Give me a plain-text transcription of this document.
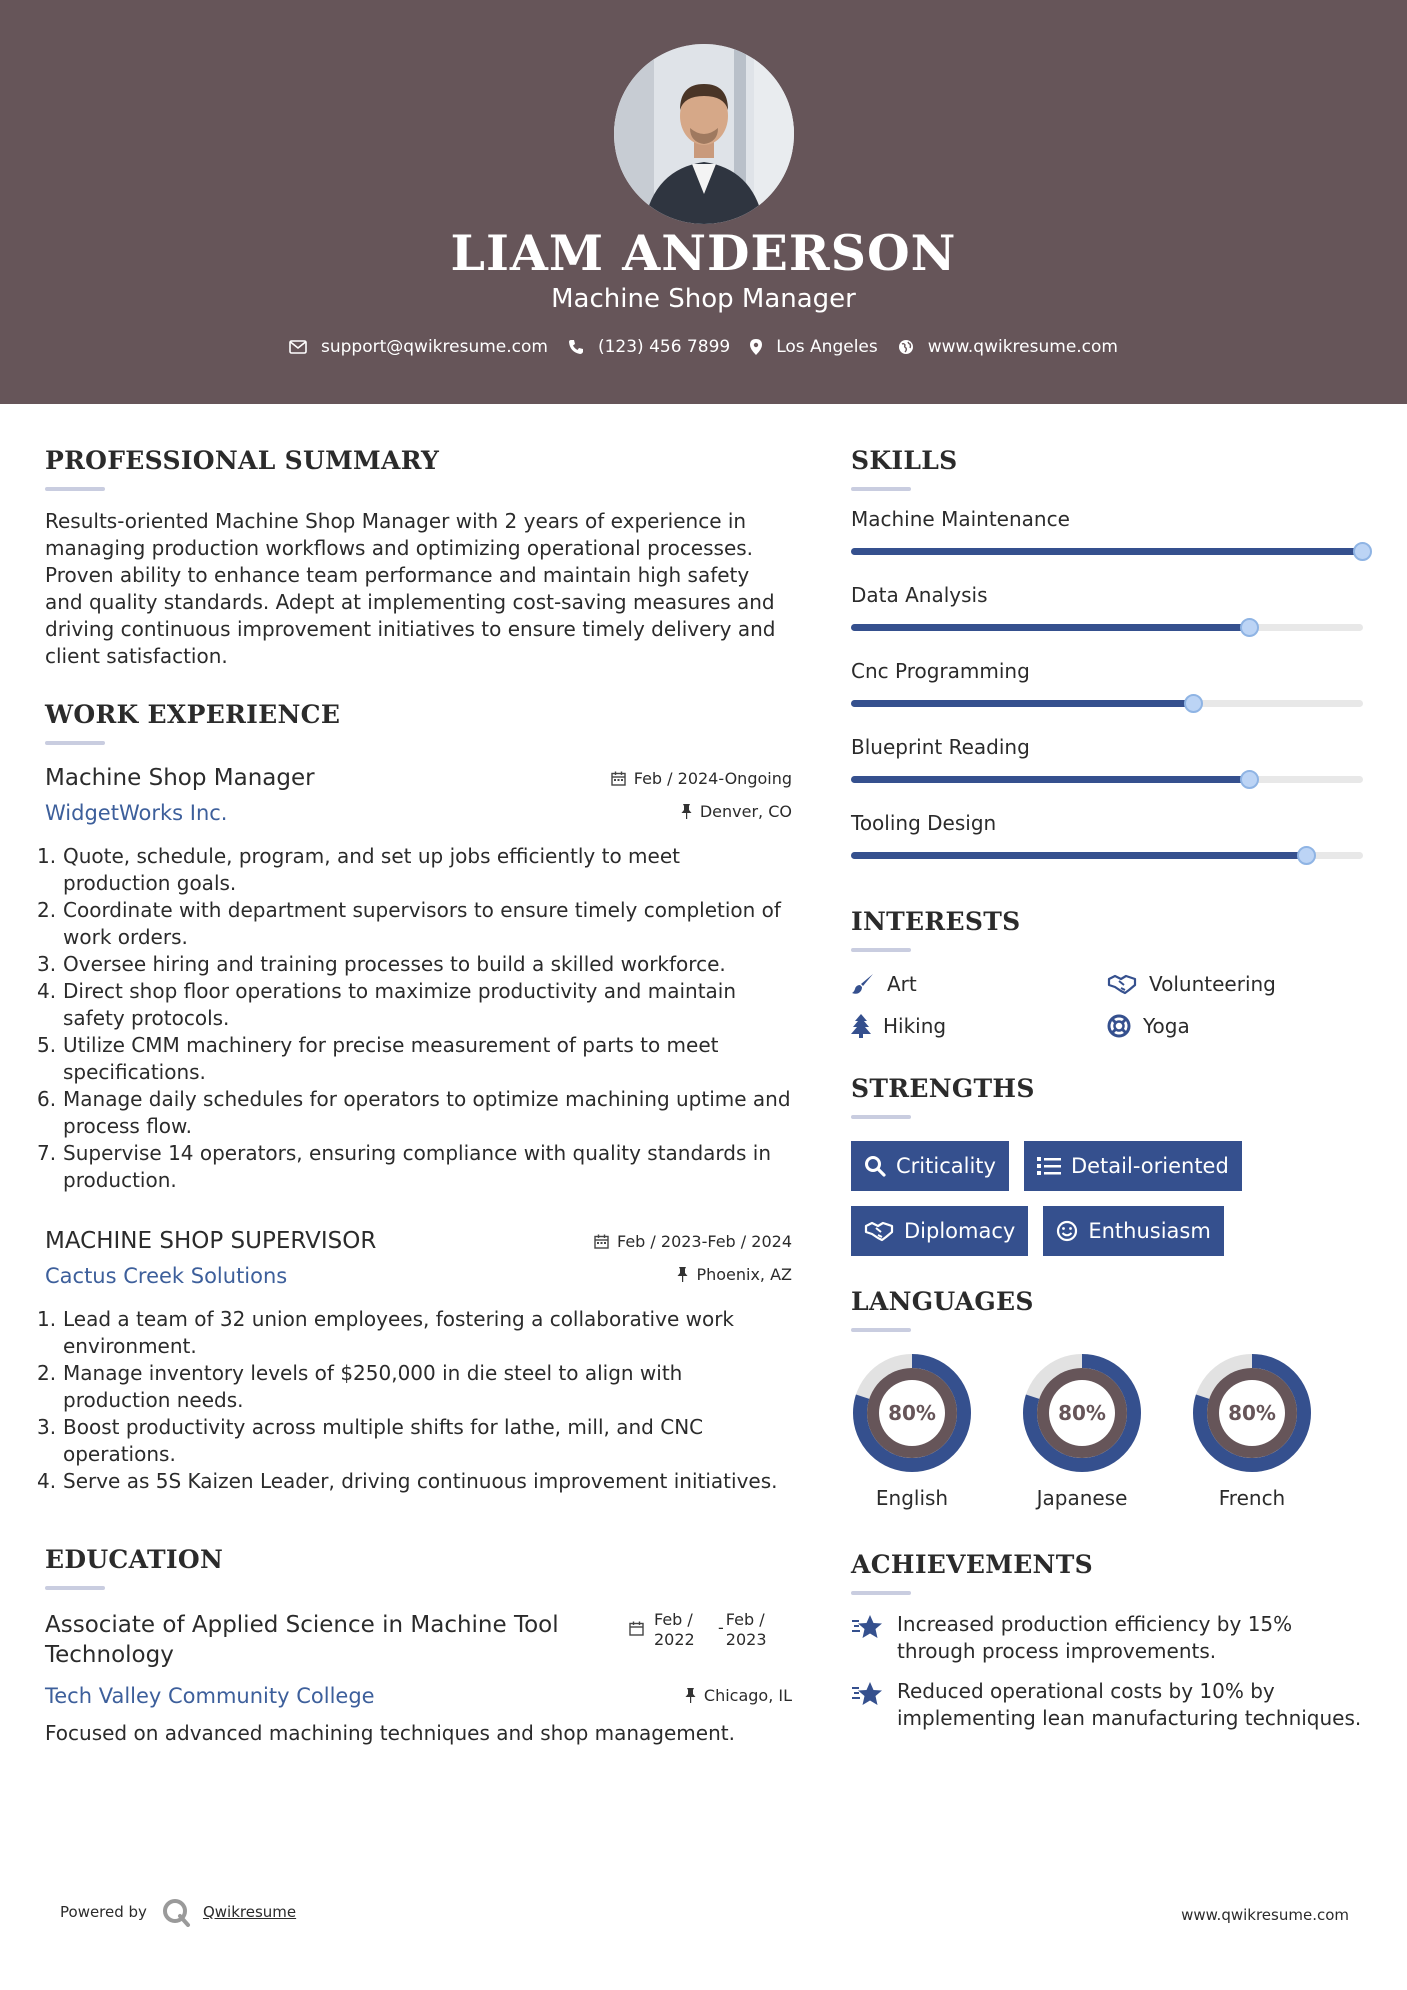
LIAM ANDERSON
Machine Shop Manager
support@qwikresume.com	(123) 456 7899	Los Angeles	www.qwikresume.com
PROFESSIONAL SUMMARY
Results-oriented Machine Shop Manager with 2 years of experience in managing production workflows and optimizing operational processes. Proven ability to enhance team performance and maintain high safety and quality standards. Adept at implementing cost-saving measures and driving continuous improvement initiatives to ensure timely delivery and client satisfaction.
WORK EXPERIENCE
Machine Shop Manager
WidgetWorks Inc.
Feb / 2024-Ongoing
Denver, CO
Quote, schedule, program, and set up jobs efficiently to meet production goals.
Coordinate with department supervisors to ensure timely completion of work orders.
Oversee hiring and training processes to build a skilled workforce.
Direct shop floor operations to maximize productivity and maintain safety protocols.
Utilize CMM machinery for precise measurement of parts to meet specifications.
Manage daily schedules for operators to optimize machining uptime and process flow.
Supervise 14 operators, ensuring compliance with quality standards in production.
MACHINE SHOP SUPERVISOR
Cactus Creek Solutions
Feb / 2023-Feb / 2024
Phoenix, AZ
Lead a team of 32 union employees, fostering a collaborative work environment.
Manage inventory levels of $250,000 in die steel to align with production needs.
Boost productivity across multiple shifts for lathe, mill, and CNC operations.
Serve as 5S Kaizen Leader, driving continuous improvement initiatives.
EDUCATION
Associate of Applied Science in Machine Tool Technology
Tech Valley Community College
Feb / 2022
- Feb / 2023
Chicago, IL
Focused on advanced machining techniques and shop management.
SKILLS
Machine Maintenance
Data Analysis
Cnc Programming
Blueprint Reading
Tooling Design
INTERESTS
Art	Volunteering
Hiking	Yoga
STRENGTHS
Criticality	Detail-oriented
Diplomacy	Enthusiasm
LANGUAGES
80%
English
80%
Japanese
80%
French
ACHIEVEMENTS
Increased production efficiency by 15% through process improvements.
Reduced operational costs by 10% by implementing lean manufacturing techniques.
Powered by	Qwikresume	www.qwikresume.com
